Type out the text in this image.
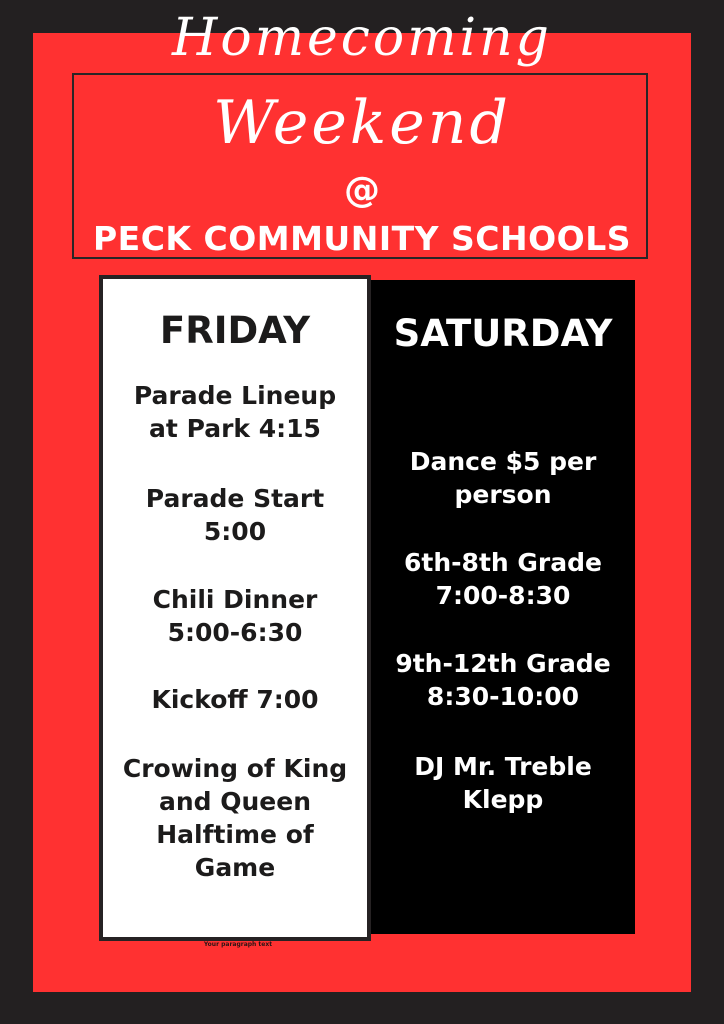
Homecoming
Weekend
@
PECK COMMUNITY SCHOOLS
FRIDAY
Parade Lineup
at Park 4:15
Parade Start
5:00
Chili Dinner
5:00-6:30
Kickoff 7:00
Crowing of King
and Queen
Halftime of
Game
SATURDAY
Dance $5 per
person
6th-8th Grade
7:00-8:30
9th-12th Grade
8:30-10:00
DJ Mr. Treble
Klepp
Your paragraph text
